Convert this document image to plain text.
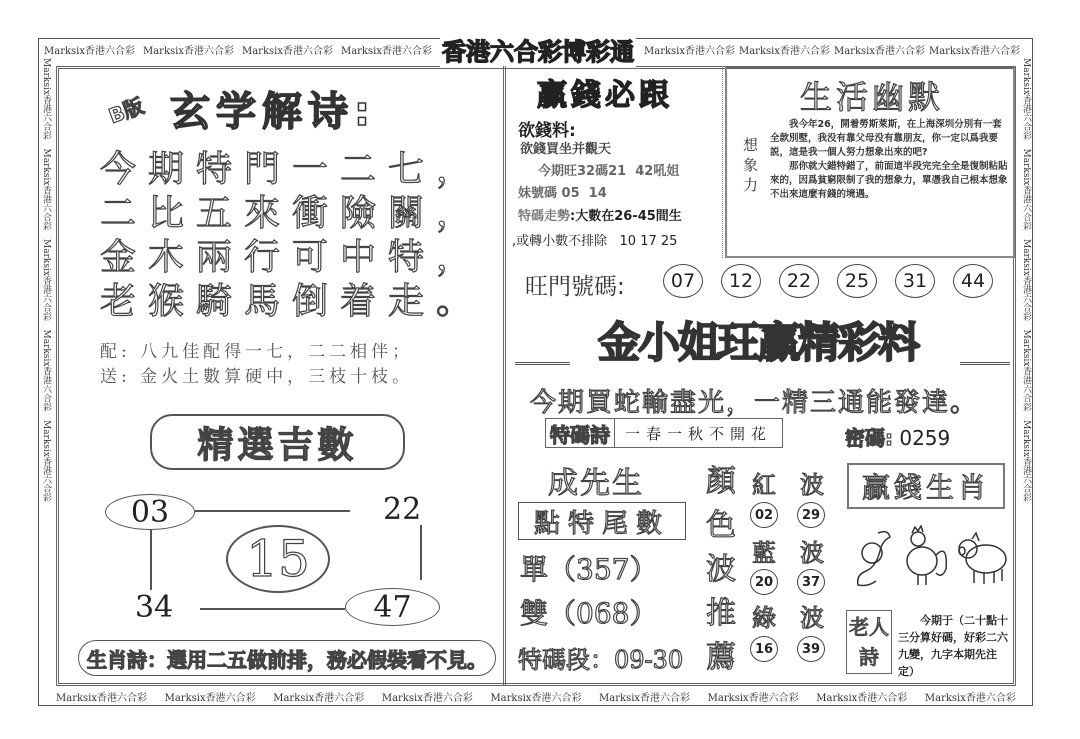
Marksix香港六合彩 Marksix香港六合彩 Marksix香港六合彩 Marksix香港六合彩	Marksix香港六合彩 Marksix香港六合彩 Marksix香港六合彩 Marksix香港六合彩
Marksix香港六合彩 Marksix香港六合彩 Marksix香港六合彩 Marksix香港六合彩 Marksix香港六合彩 Marksix香港六合彩 Marksix香港六合彩 Marksix香港六合彩 Marksix香港六合彩
Marksix香港六合彩   Marksix香港六合彩   Marksix香港六合彩   Marksix香港六合彩   Marksix香港六合彩
Marksix香港六合彩   Marksix香港六合彩   Marksix香港六合彩   Marksix香港六合彩   Marksix香港六合彩
香港六合彩博彩通
B版 玄学解诗:
今期特門一二七，
二比五來衝險關，
金木兩行可中特，
老猴騎馬倒着走。
配: 八九佳配得一七，二二相伴；
送: 金火土數算硬中，三枝十枝。
精選吉數
03	22
15
34	47
生肖詩：選用二五做前排，務必假裝看不見。
贏錢必跟
欲錢料:
欲錢買坐并觀天
今期旺32碼21  42吼姐
妹號碼 05  14
特碼走勢:大數在26-45間生
,或轉小數不排除   10 17 25
生活幽默
想象力

我今年26，開着勞斯萊斯，在上海深圳分別有一套全款別墅，我没有靠父母没有靠朋友，你一定以爲我要説，這是我一個人努力想象出來的吧?

那你就大錯特錯了，前面這半段完完全全是復制粘貼來的，因爲貧窮限制了我的想象力，單憑我自己根本想象不出來這麼有錢的境遇。

旺門號碼:	07	12	22	25	31	44
金小姐玨贏精彩料
今期買蛇輸盡光，一精三通能發達。
特碼詩	一春一秋不開花	密碼: 0259
成先生
點特尾數
單（357）
雙（068）
特碼段：09-30
顏
色
波
推
薦
紅 波
02	29
藍 波
20	37
綠 波
16	39
贏錢生肖
老人詩
今期于（二十點十三分算好碼，好彩二六九變，九字本期先注定）
